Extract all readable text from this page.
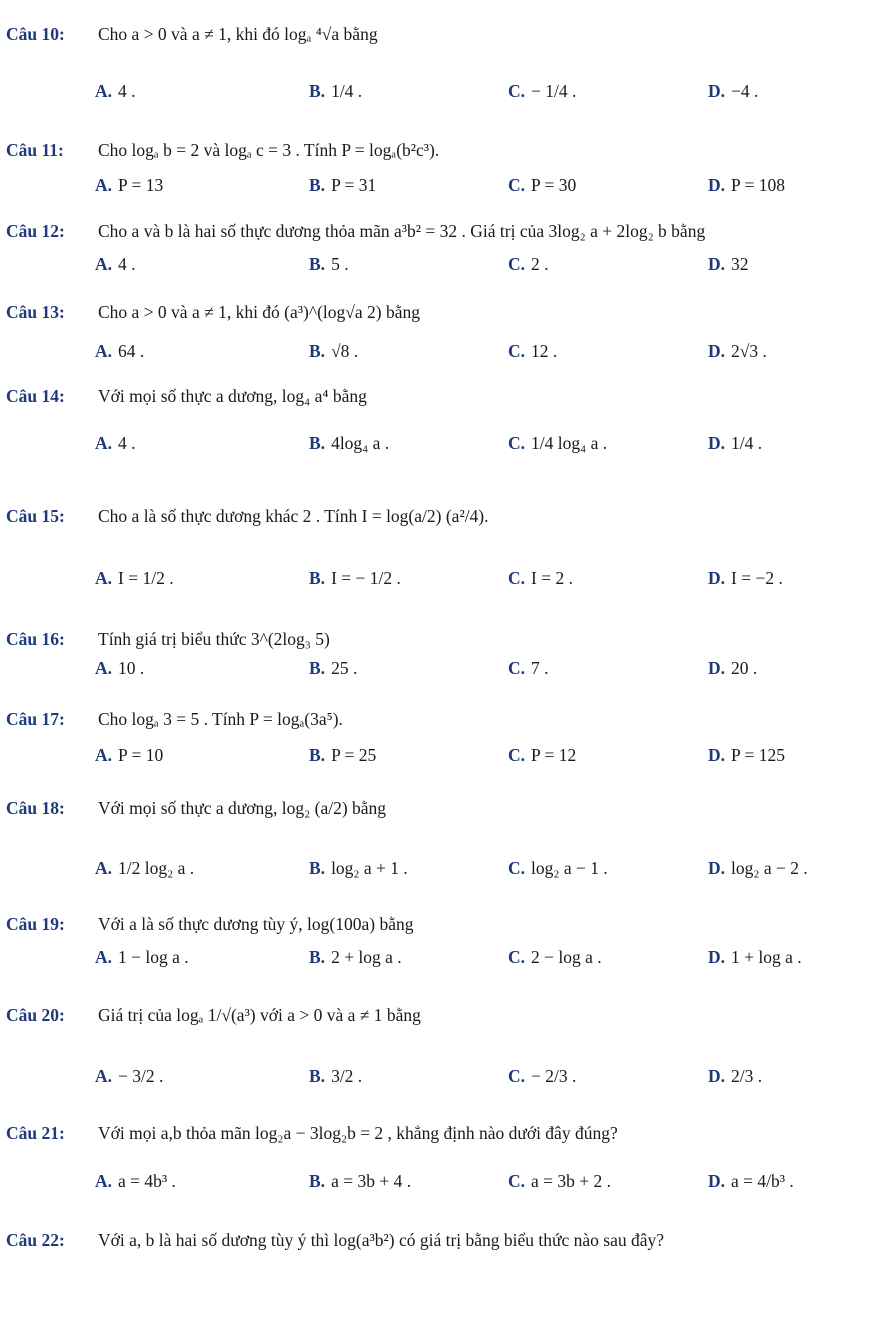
Câu 10: Cho a > 0 và a ≠ 1, khi đó logₐ ⁴√a bằng
A. 4 .	B. 1/4 .	C. − 1/4 .	D. −4 .
Câu 11: Cho logₐ b = 2 và logₐ c = 3 . Tính P = logₐ(b²c³).
A. P = 13	B. P = 31	C. P = 30	D. P = 108
Câu 12: Cho a và b là hai số thực dương thỏa mãn a³b² = 32 . Giá trị của 3log₂ a + 2log₂ b bằng
A. 4 .	B. 5 .	C. 2 .	D. 32
Câu 13: Cho a > 0 và a ≠ 1, khi đó (a³)^(log√a 2) bằng
A. 64 .	B. √8 .	C. 12 .	D. 2√3 .
Câu 14: Với mọi số thực a dương, log₄ a⁴ bằng
A. 4 .	B. 4log₄ a .	C. 1/4 log₄ a .	D. 1/4 .
Câu 15: Cho a là số thực dương khác 2 . Tính I = log(a/2) (a²/4).
A. I = 1/2 .	B. I = − 1/2 .	C. I = 2 .	D. I = −2 .
Câu 16: Tính giá trị biểu thức 3^(2log₃ 5)
A. 10 .	B. 25 .	C. 7 .	D. 20 .
Câu 17: Cho logₐ 3 = 5 . Tính P = logₐ(3a⁵).
A. P = 10	B. P = 25	C. P = 12	D. P = 125
Câu 18: Với mọi số thực a dương, log₂ (a/2) bằng
A. 1/2 log₂ a .	B. log₂ a + 1 .	C. log₂ a − 1 .	D. log₂ a − 2 .
Câu 19: Với a là số thực dương tùy ý, log(100a) bằng
A. 1 − log a .	B. 2 + log a .	C. 2 − log a .	D. 1 + log a .
Câu 20: Giá trị của logₐ 1/√(a³) với a > 0 và a ≠ 1 bằng
A. − 3/2 .	B. 3/2 .	C. − 2/3 .	D. 2/3 .
Câu 21: Với mọi a,b thỏa mãn log₂a − 3log₂b = 2 , khẳng định nào dưới đây đúng?
A. a = 4b³ .	B. a = 3b + 4 .	C. a = 3b + 2 .	D. a = 4/b³ .
Câu 22: Với a, b là hai số dương tùy ý thì log(a³b²) có giá trị bằng biểu thức nào sau đây?
